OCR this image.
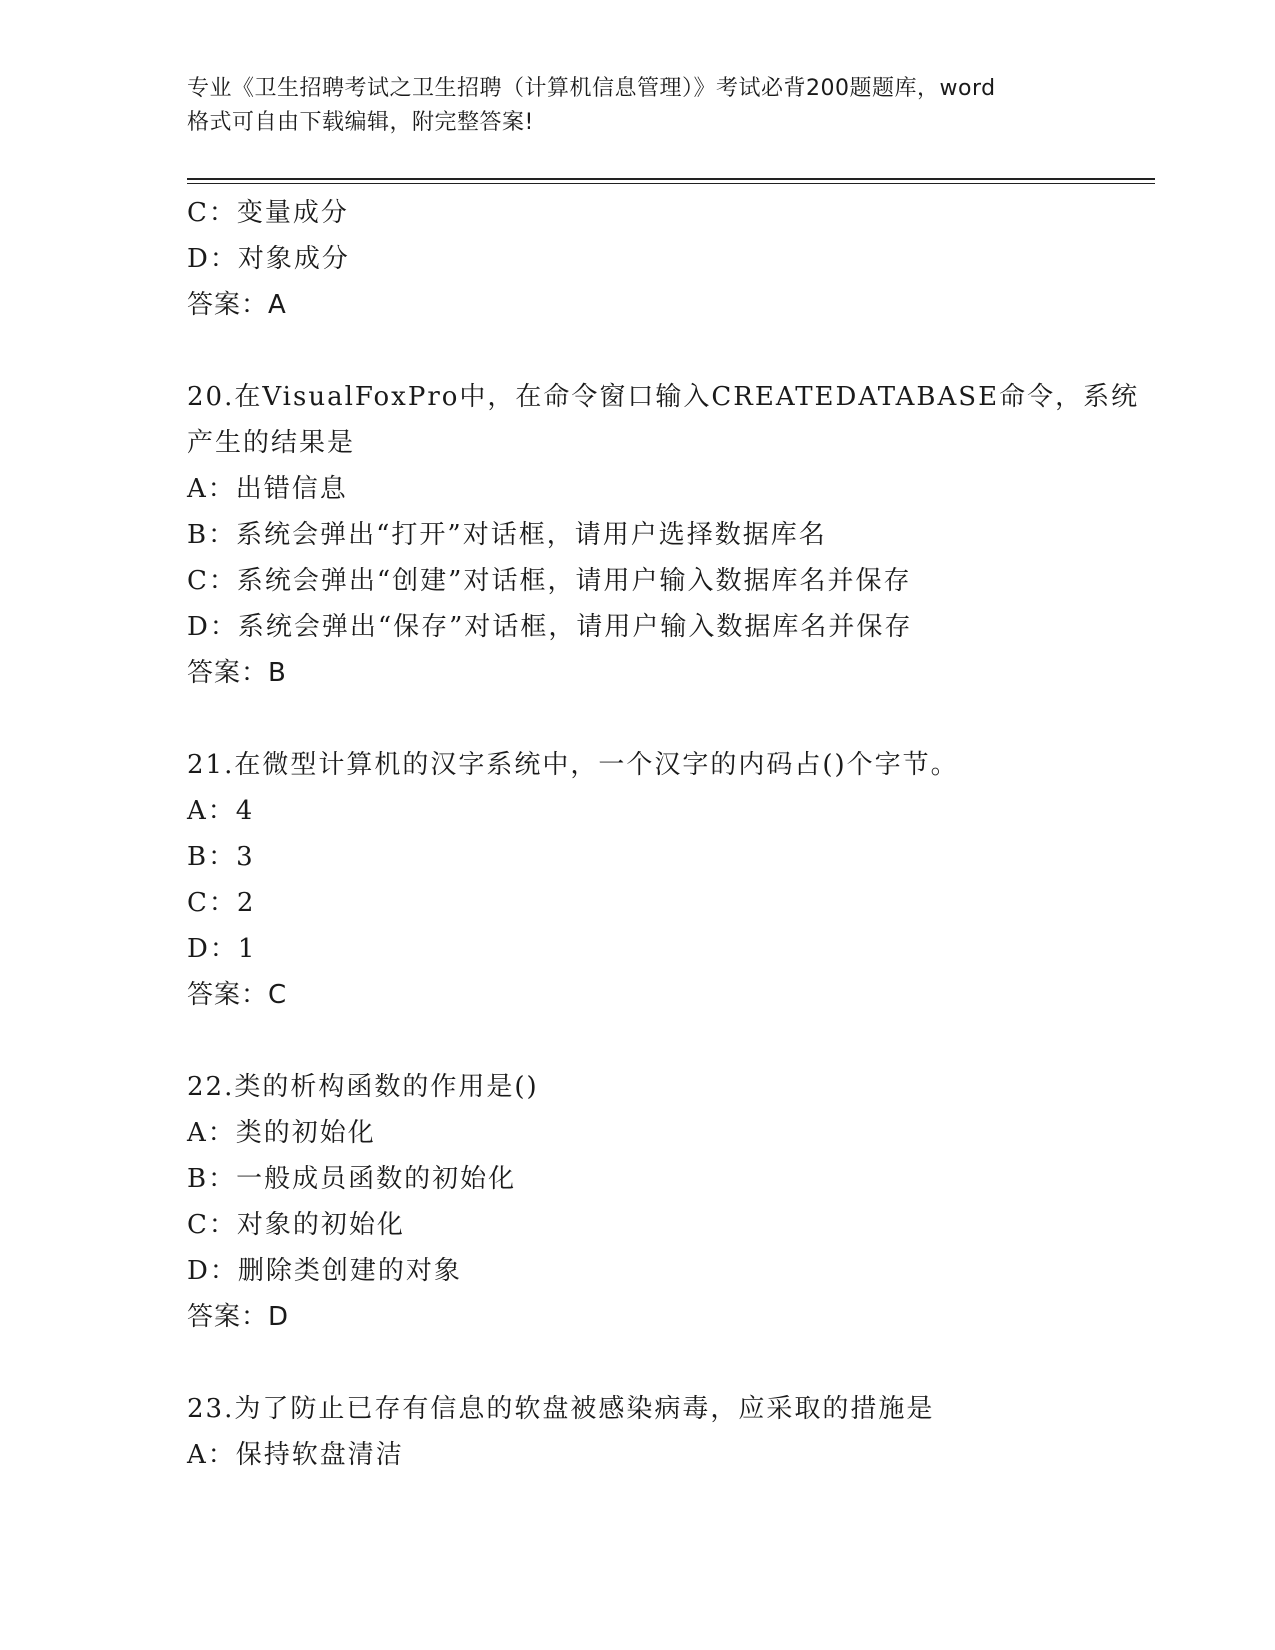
专业《卫生招聘考试之卫生招聘（计算机信息管理）》考试必背200题题库，word
格式可自由下载编辑，附完整答案!
C：变量成分
D：对象成分
答案：A
20.在VisualFoxPro中，在命令窗口输入CREATEDATABASE命令，系统
产生的结果是
A：出错信息
B：系统会弹出“打开”对话框，请用户选择数据库名
C：系统会弹出“创建”对话框，请用户输入数据库名并保存
D：系统会弹出“保存”对话框，请用户输入数据库名并保存
答案：B
21.在微型计算机的汉字系统中，一个汉字的内码占()个字节。
A：4
B：3
C：2
D：1
答案：C
22.类的析构函数的作用是()
A：类的初始化
B：一般成员函数的初始化
C：对象的初始化
D：删除类创建的对象
答案：D
23.为了防止已存有信息的软盘被感染病毒，应采取的措施是
A：保持软盘清洁
